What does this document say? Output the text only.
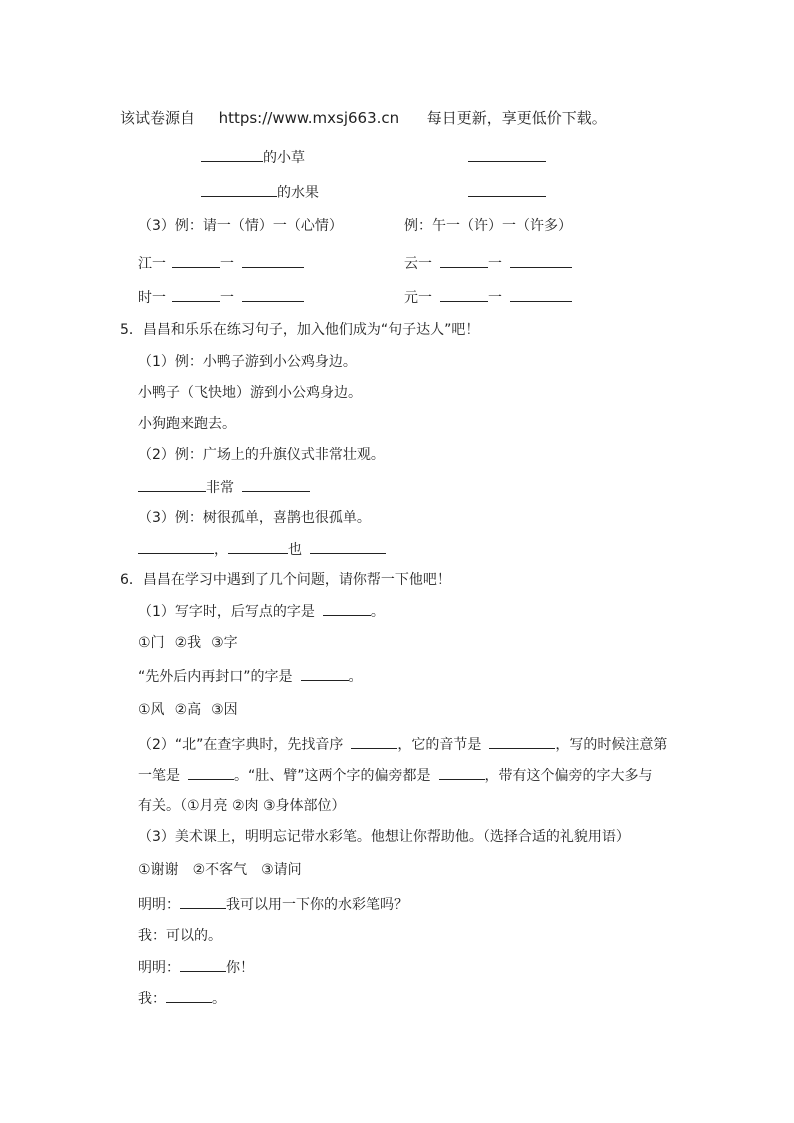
该试卷源自 https://www.mxsj663.cn 每日更新，享更低价下载。
的小草
的水果
（3）例：请一（情）一（心情）	例：午一（许）一（许多）
江一	一	云一	一
时一	一	元一	一
5．昌昌和乐乐在练习句子，加入他们成为“句子达人”吧！
（1）例：小鸭子游到小公鸡身边。
小鸭子（飞快地）游到小公鸡身边。
小狗跑来跑去。
（2）例：广场上的升旗仪式非常壮观。
非常
（3）例：树很孤单，喜鹊也很孤单。
，	也
6．昌昌在学习中遇到了几个问题，请你帮一下他吧！
（1）写字时，后写点的字是	。
①门 ②我 ③字
“先外后内再封口”的字是	。
①风 ②高 ③因
（2）“北”在查字典时，先找音序	，它的音节是	，写的时候注意第
一笔是	。“肚、臂”这两个字的偏旁都是	，带有这个偏旁的字大多与
有关。（①月亮 ②肉 ③身体部位）
（3）美术课上，明明忘记带水彩笔。他想让你帮助他。（选择合适的礼貌用语）
①谢谢 ②不客气 ③请问
明明：	我可以用一下你的水彩笔吗？
我：可以的。
明明：	你！
我：	。
